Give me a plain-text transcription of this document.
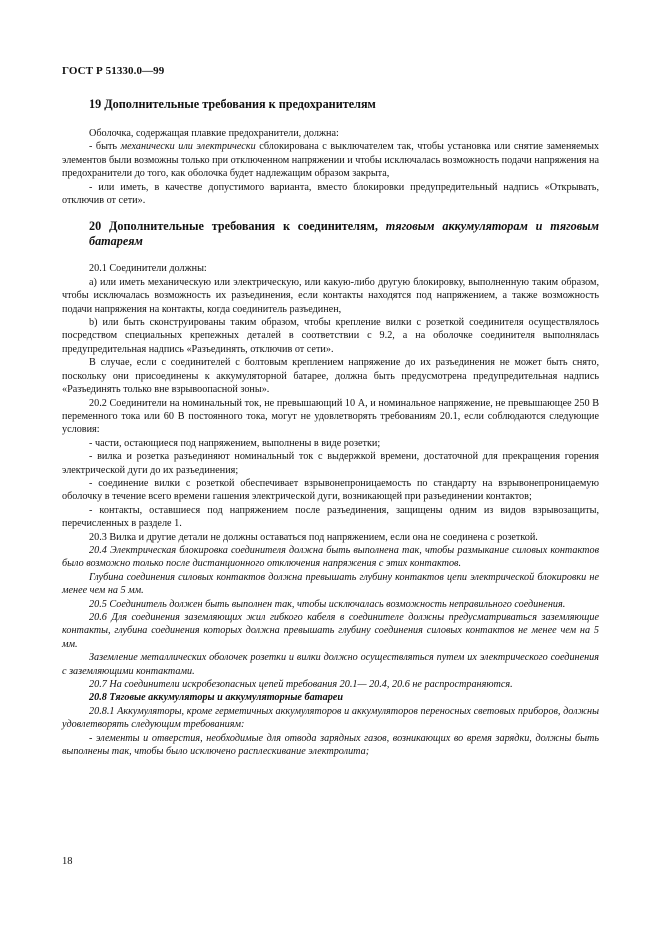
ГОСТ Р 51330.0—99
19 Дополнительные требования к предохранителям

Оболочка, содержащая плавкие предохранители, должна:

- быть механически или электрически сблокирована с выключателем так, чтобы установка или снятие заменяемых элементов были возможны только при отключенном напряжении и чтобы исключалась возможность подачи напряжения на предохранители до того, как оболочка будет надлежащим образом закрыта,

- или иметь, в качестве допустимого варианта, вместо блокировки предупредительный надпись «Открывать, отключив от сети».

20 Дополнительные требования к соединителям, тяговым аккумуляторам и тяговым батареям

20.1 Соединители должны:

a) или иметь механическую или электрическую, или какую-либо другую блокировку, выполненную таким образом, чтобы исключалась возможность их разъединения, если контакты находятся под напряжением, а также возможность подачи напряжения на контакты, когда соединитель разъединен,

b) или быть сконструированы таким образом, чтобы крепление вилки с розеткой соединителя осуществлялось посредством специальных крепежных деталей в соответствии с 9.2, а на оболочке соединителя выполнялась предупредительная надпись «Разъединять, отключив от сети».

В случае, если с соединителей с болтовым креплением напряжение до их разъединения не может быть снято, поскольку они присоединены к аккумуляторной батарее, должна быть предусмотрена предупредительная надпись «Разъединять только вне взрывоопасной зоны».

20.2 Соединители на номинальный ток, не превышающий 10 А, и номинальное напряжение, не превышающее 250 В переменного тока или 60 В постоянного тока, могут не удовлетворять требованиям 20.1, если соблюдаются следующие условия:

- части, остающиеся под напряжением, выполнены в виде розетки;

- вилка и розетка разъединяют номинальный ток с выдержкой времени, достаточной для прекращения горения электрической дуги до их разъединения;

- соединение вилки с розеткой обеспечивает взрывонепроницаемость по стандарту на взрывонепроницаемую оболочку в течение всего времени гашения электрической дуги, возникающей при разъединении контактов;

- контакты, оставшиеся под напряжением после разъединения, защищены одним из видов взрывозащиты, перечисленных в разделе 1.

20.3 Вилка и другие детали не должны оставаться под напряжением, если она не соединена с розеткой.

20.4 Электрическая блокировка соединителя должна быть выполнена так, чтобы размыкание силовых контактов было возможно только после дистанционного отключения напряжения с этих контактов.

Глубина соединения силовых контактов должна превышать глубину контактов цепи электрической блокировки не менее чем на 5 мм.

20.5 Соединитель должен быть выполнен так, чтобы исключалась возможность неправильного соединения.

20.6 Для соединения заземляющих жил гибкого кабеля в соединителе должны предусматриваться заземляющие контакты, глубина соединения которых должна превышать глубину соединения силовых контактов не менее чем на 5 мм.

Заземление металлических оболочек розетки и вилки должно осуществляться путем их электрического соединения с заземляющими контактами.

20.7 На соединители искробезопасных цепей требования 20.1— 20.4, 20.6 не распространяются.

20.8 Тяговые аккумуляторы и аккумуляторные батареи

20.8.1 Аккумуляторы, кроме герметичных аккумуляторов и аккумуляторов переносных световых приборов, должны удовлетворять следующим требованиям:

- элементы и отверстия, необходимые для отвода зарядных газов, возникающих во время зарядки, должны быть выполнены так, чтобы было исключено расплескивание электролита;

18
